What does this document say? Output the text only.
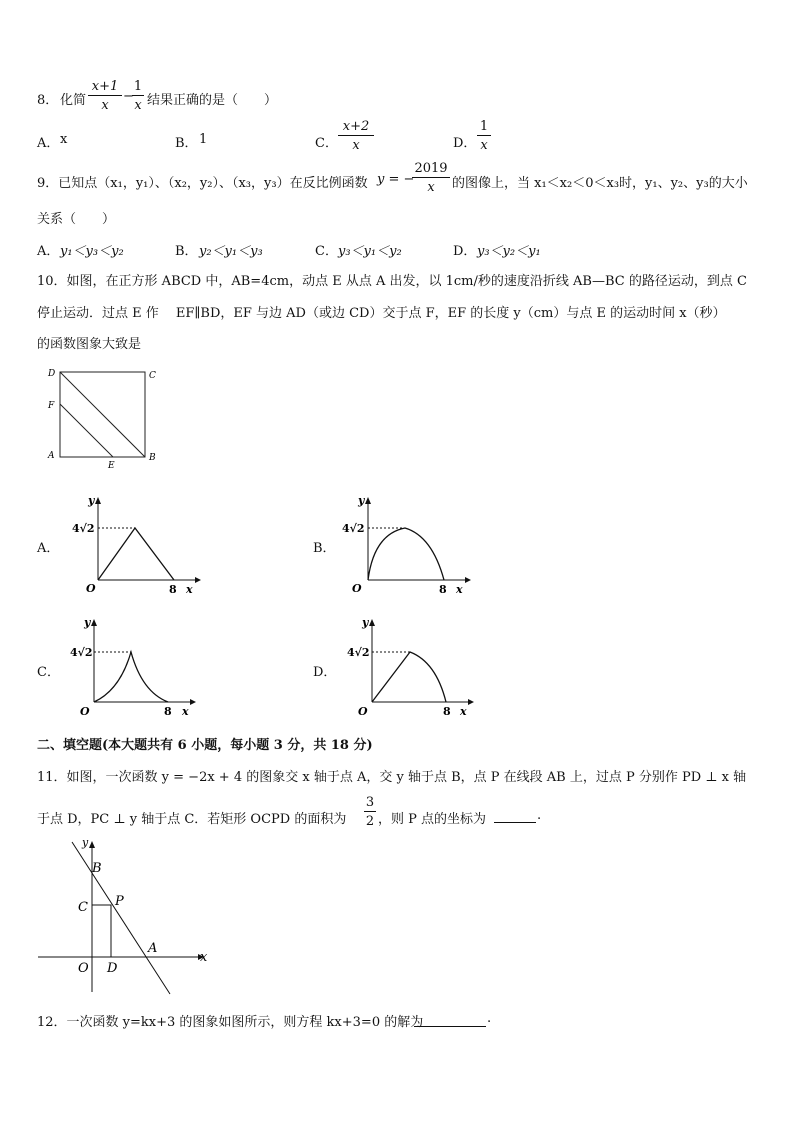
8． 化简 $\frac{x+1}{x}$ −
$\frac{1}{x}$ 结果正确的是（　　）
A． x	B． 1	C． $\frac{x+2}{x}$	D． $\frac{1}{x}$
9．已知点（x₁，y₁）、（x₂，y₂）、（x₃，y₃）在反比例函数 y = −
$\frac{2019}{x}$ 的图像上，当 x₁＜x₂＜0＜x₃时，y₁、y₂、y₃的大小
关系（　　）
A． y₁＜y₃＜y₂	B． y₂＜y₁＜y₃	C． y₃＜y₁＜y₂	D． y₃＜y₂＜y₁
10．如图，在正方形 ABCD 中，AB=4cm，动点 E 从点 A 出发，以 1cm/秒的速度沿折线 AB—BC 的路径运动，到点 C
停止运动．过点 E 作　 EF∥BD，EF 与边 AD（或边 CD）交于点 F，EF 的长度 y（cm）与点 E 的运动时间 x（秒）
的函数图象大致是
D	C
F
A
E
B
A．	B．
C．	D．
y
4√2
O	8 x
y
4√2
O	8 x
y
4√2
O	8 x
y
4√2
O	8 x
二、填空题(本大题共有 6 小题，每小题 3 分，共 18 分)
11．如图，一次函数 y = −2x + 4 的图象交 x 轴于点 A，交 y 轴于点 B，点 P 在线段 AB 上，过点 P 分别作 PD ⊥ x 轴
于点 D，PC ⊥ y 轴于点 C．若矩形 OCPD 的面积为 $\frac{3}{2}$ ，则 P 点的坐标为	.
y
B
C P
A
x
O D
12．一次函数 y=kx+3 的图象如图所示，则方程 kx+3=0 的解为	.
